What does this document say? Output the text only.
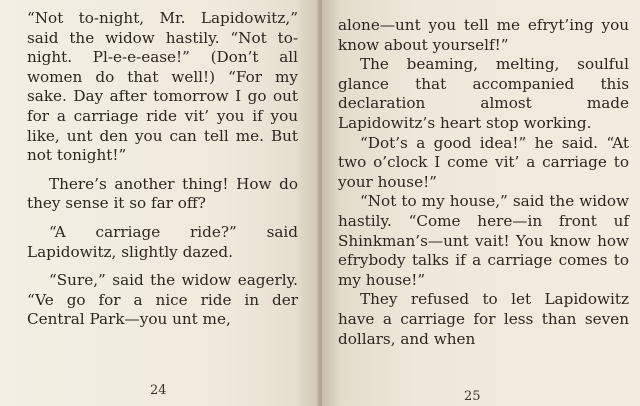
“Not to-night, Mr. Lapidowitz,” said the widow hastily. “Not to-night. Pl-e-e-ease!” (Don’t all women do that well!) “For my sake. Day after tomorrow I go out for a carriage ride vit’ you if you like, unt den you can tell me. But not tonight!”

There’s another thing! How do they sense it so far off?

“A carriage ride?” said Lapidowitz, slightly dazed.

“Sure,” said the widow eagerly. “Ve go for a nice ride in der Central Park—you unt me,

24

alone—unt you tell me efryt’ing you know about yourself!”

The beaming, melting, soulful glance that accompanied this declaration almost made Lapidowitz’s heart stop working.

“Dot’s a good idea!” he said. “At two o’clock I come vit’ a carriage to your house!”

“Not to my house,” said the widow hastily. “Come here—in front uf Shinkman’s—unt vait! You know how efrybody talks if a carriage comes to my house!”

They refused to let Lapidowitz have a carriage for less than seven dollars, and when

25
